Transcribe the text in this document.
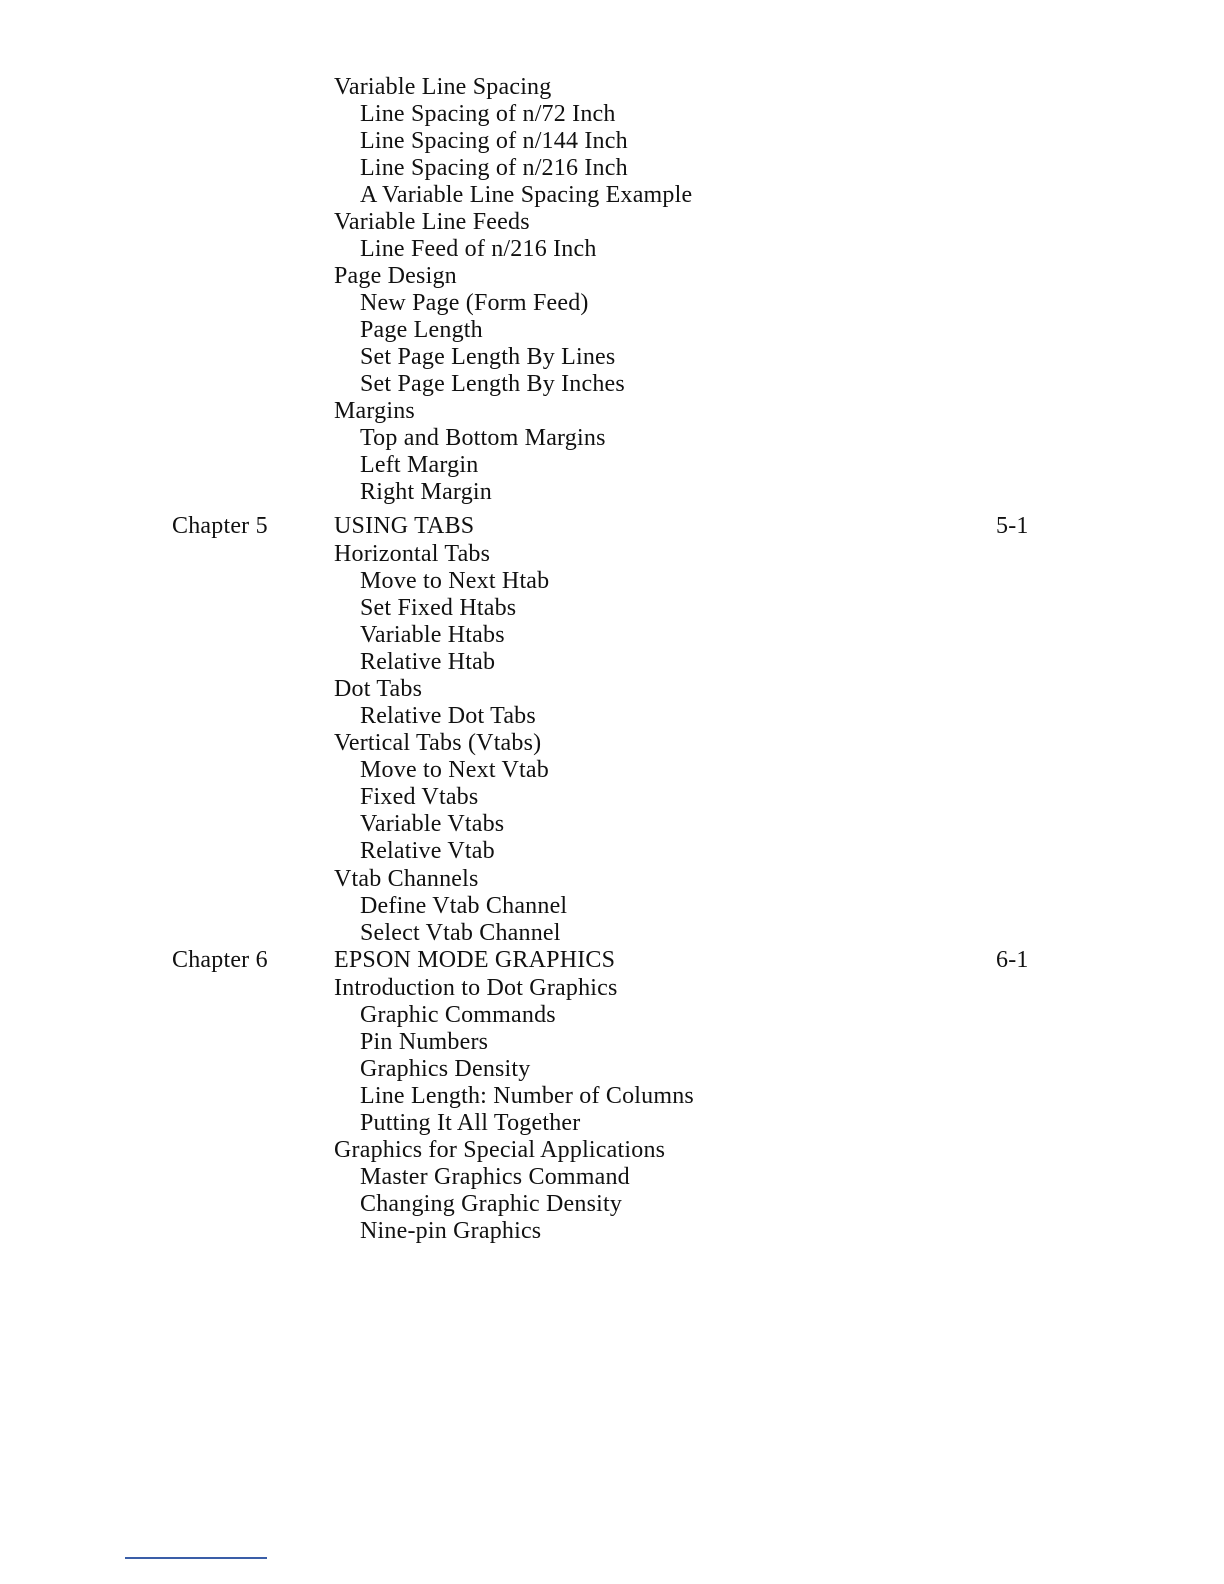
Variable Line Spacing
Line Spacing of n/72 Inch
Line Spacing of n/144 Inch
Line Spacing of n/216 Inch
A Variable Line Spacing Example
Variable Line Feeds
Line Feed of n/216 Inch
Page Design
New Page (Form Feed)
Page Length
Set Page Length By Lines
Set Page Length By Inches
Margins
Top and Bottom Margins
Left Margin
Right Margin
Chapter 5	USING TABS	5-1
Horizontal Tabs
Move to Next Htab
Set Fixed Htabs
Variable Htabs
Relative Htab
Dot Tabs
Relative Dot Tabs
Vertical Tabs (Vtabs)
Move to Next Vtab
Fixed Vtabs
Variable Vtabs
Relative Vtab
Vtab Channels
Define Vtab Channel
Select Vtab Channel
Chapter 6	EPSON MODE GRAPHICS	6-1
Introduction to Dot Graphics
Graphic Commands
Pin Numbers
Graphics Density
Line Length: Number of Columns
Putting It All Together
Graphics for Special Applications
Master Graphics Command
Changing Graphic Density
Nine-pin Graphics
